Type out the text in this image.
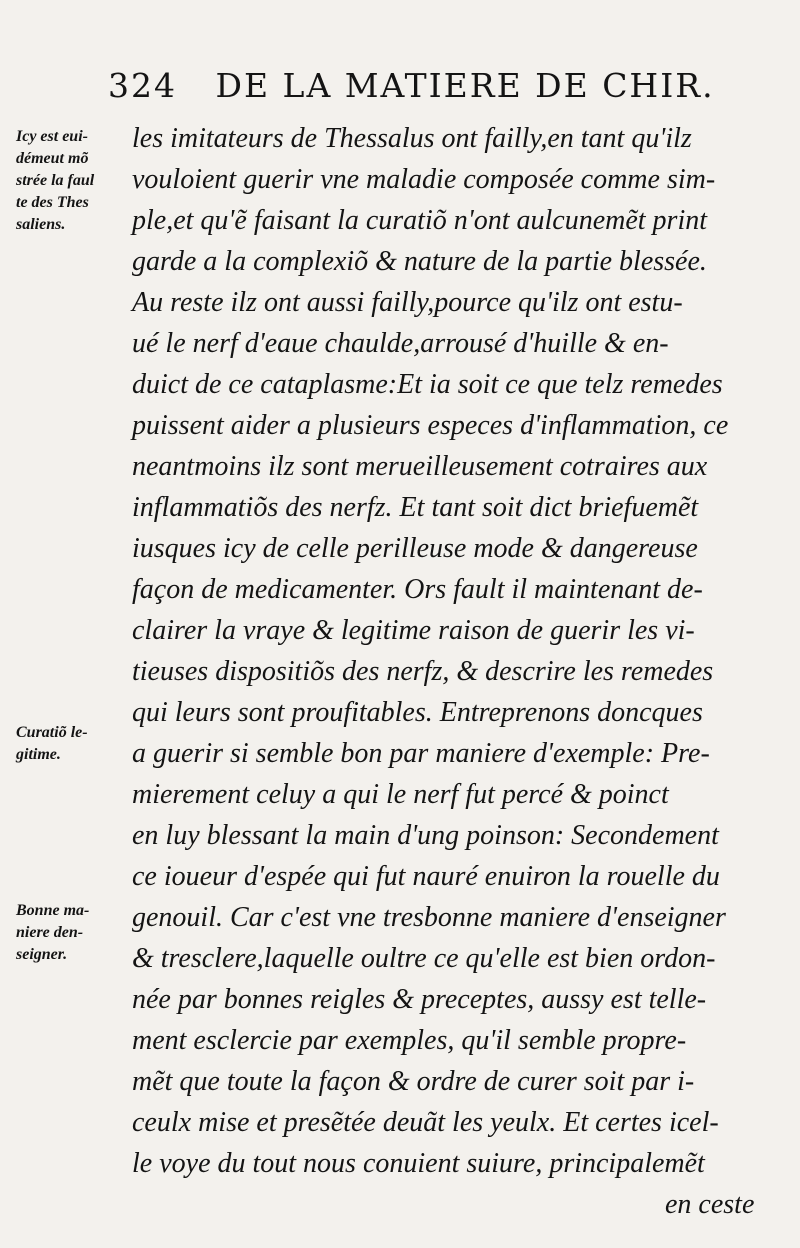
324 DE LA MATIERE DE CHIR.
Icy est eui-
démeut mõ
strée la faul
te des Thes
saliens.
Curatiõ le-
gitime.
Bonne ma-
niere den-
seigner.
les imitateurs de Thessalus ont failly,en tant qu'ilz
vouloient guerir vne maladie composée comme sim-
ple,et qu'ẽ faisant la curatiõ n'ont aulcunemẽt print
garde a la complexiõ & nature de la partie blessée.
Au reste ilz ont aussi failly,pource qu'ilz ont estu-
ué le nerf d'eaue chaulde,arrousé d'huille & en-
duict de ce cataplasme:Et ia soit ce que telz remedes
puissent aider a plusieurs especes d'inflammation, ce
neantmoins ilz sont merueilleusement cotraires aux
inflammatiõs des nerfz. Et tant soit dict briefuemẽt
iusques icy de celle perilleuse mode & dangereuse
façon de medicamenter. Ors fault il maintenant de-
clairer la vraye & legitime raison de guerir les vi-
tieuses dispositiõs des nerfz, & descrire les remedes
qui leurs sont proufitables. Entreprenons doncques
a guerir si semble bon par maniere d'exemple: Pre-
mierement celuy a qui le nerf fut percé & poinct
en luy blessant la main d'ung poinson: Secondement
ce ioueur d'espée qui fut nauré enuiron la rouelle du
genouil. Car c'est vne tresbonne maniere d'enseigner
& tresclere,laquelle oultre ce qu'elle est bien ordon-
née par bonnes reigles & preceptes, aussy est telle-
ment esclercie par exemples, qu'il semble propre-
mẽt que toute la façon & ordre de curer soit par i-
ceulx mise et presẽtée deuãt les yeulx. Et certes icel-
le voye du tout nous conuient suiure, principalemẽt
en ceste
